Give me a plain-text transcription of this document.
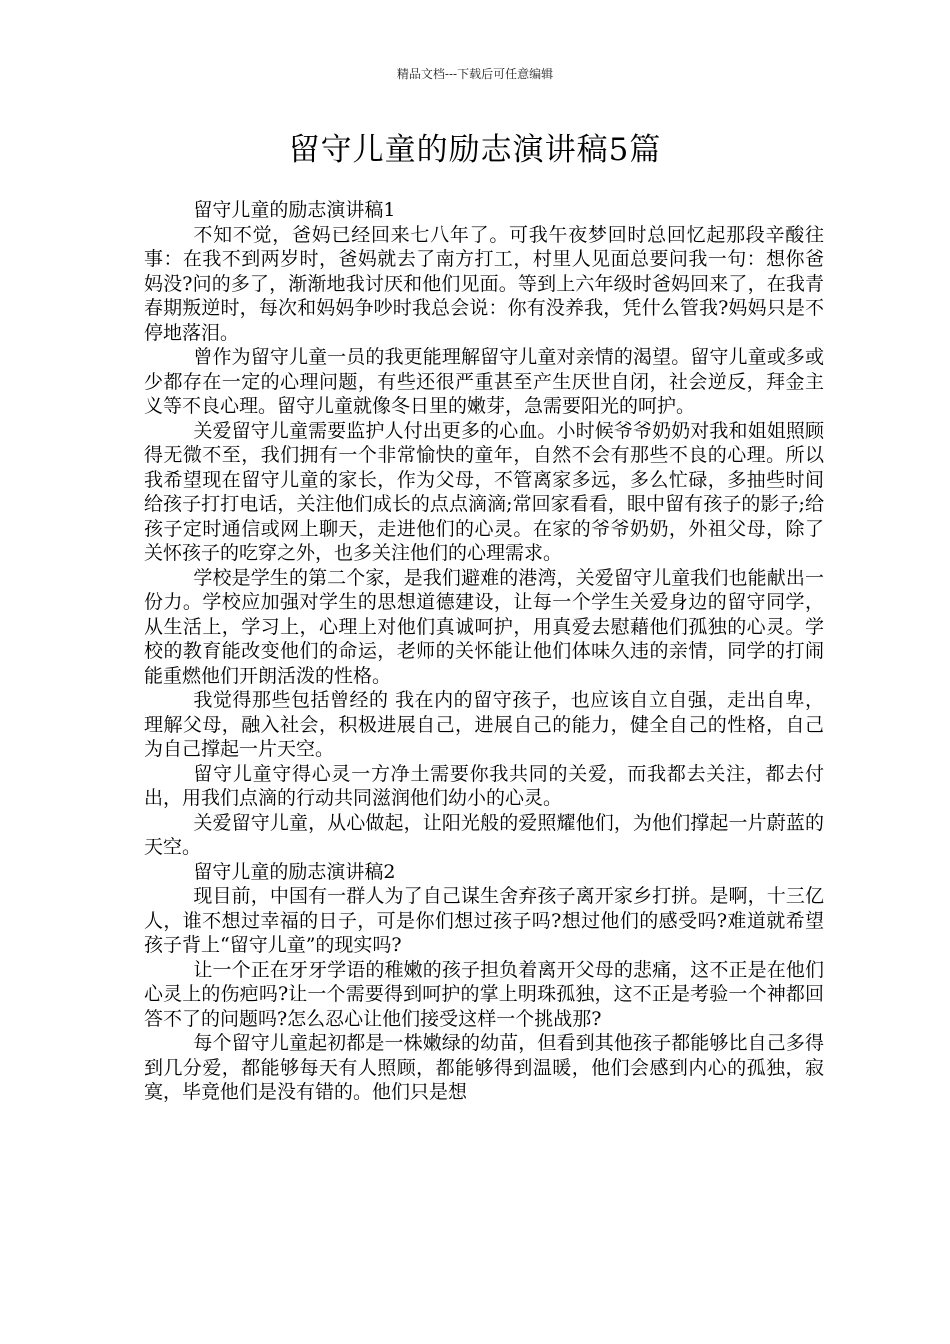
精品文档---下载后可任意编辑
留守儿童的励志演讲稿5篇

留守儿童的励志演讲稿1

不知不觉，爸妈已经回来七八年了。可我午夜梦回时总回忆起那段辛酸往事：在我不到两岁时，爸妈就去了南方打工，村里人见面总要问我一句：想你爸妈没?问的多了，渐渐地我讨厌和他们见面。等到上六年级时爸妈回来了，在我青春期叛逆时，每次和妈妈争吵时我总会说：你有没养我，凭什么管我?妈妈只是不停地落泪。

曾作为留守儿童一员的我更能理解留守儿童对亲情的渴望。留守儿童或多或少都存在一定的心理问题，有些还很严重甚至产生厌世自闭，社会逆反，拜金主义等不良心理。留守儿童就像冬日里的嫩芽，急需要阳光的呵护。

关爱留守儿童需要监护人付出更多的心血。小时候爷爷奶奶对我和姐姐照顾得无微不至，我们拥有一个非常愉快的童年，自然不会有那些不良的心理。所以我希望现在留守儿童的家长，作为父母，不管离家多远，多么忙碌，多抽些时间给孩子打打电话，关注他们成长的点点滴滴;常回家看看，眼中留有孩子的影子;给孩子定时通信或网上聊天，走进他们的心灵。在家的爷爷奶奶，外祖父母，除了关怀孩子的吃穿之外，也多关注他们的心理需求。

学校是学生的第二个家，是我们避难的港湾，关爱留守儿童我们也能献出一份力。学校应加强对学生的思想道德建设，让每一个学生关爱身边的留守同学，从生活上，学习上，心理上对他们真诚呵护，用真爱去慰藉他们孤独的心灵。学校的教育能改变他们的命运，老师的关怀能让他们体味久违的亲情，同学的打闹能重燃他们开朗活泼的性格。

我觉得那些包括曾经的 我在内的留守孩子，也应该自立自强，走出自卑，理解父母，融入社会，积极进展自己，进展自己的能力，健全自己的性格，自己为自己撑起一片天空。

留守儿童守得心灵一方净土需要你我共同的关爱，而我都去关注，都去付出，用我们点滴的行动共同滋润他们幼小的心灵。

关爱留守儿童，从心做起，让阳光般的爱照耀他们，为他们撑起一片蔚蓝的天空。

留守儿童的励志演讲稿2

现目前，中国有一群人为了自己谋生舍弃孩子离开家乡打拼。是啊，十三亿人，谁不想过幸福的日子，可是你们想过孩子吗?想过他们的感受吗?难道就希望孩子背上“留守儿童”的现实吗?

让一个正在牙牙学语的稚嫩的孩子担负着离开父母的悲痛，这不正是在他们心灵上的伤疤吗?让一个需要得到呵护的掌上明珠孤独，这不正是考验一个神都回答不了的问题吗?怎么忍心让他们接受这样一个挑战那?

每个留守儿童起初都是一株嫩绿的幼苗，但看到其他孩子都能够比自己多得到几分爱，都能够每天有人照顾，都能够得到温暖，他们会感到内心的孤独，寂寞，毕竟他们是没有错的。他们只是想
